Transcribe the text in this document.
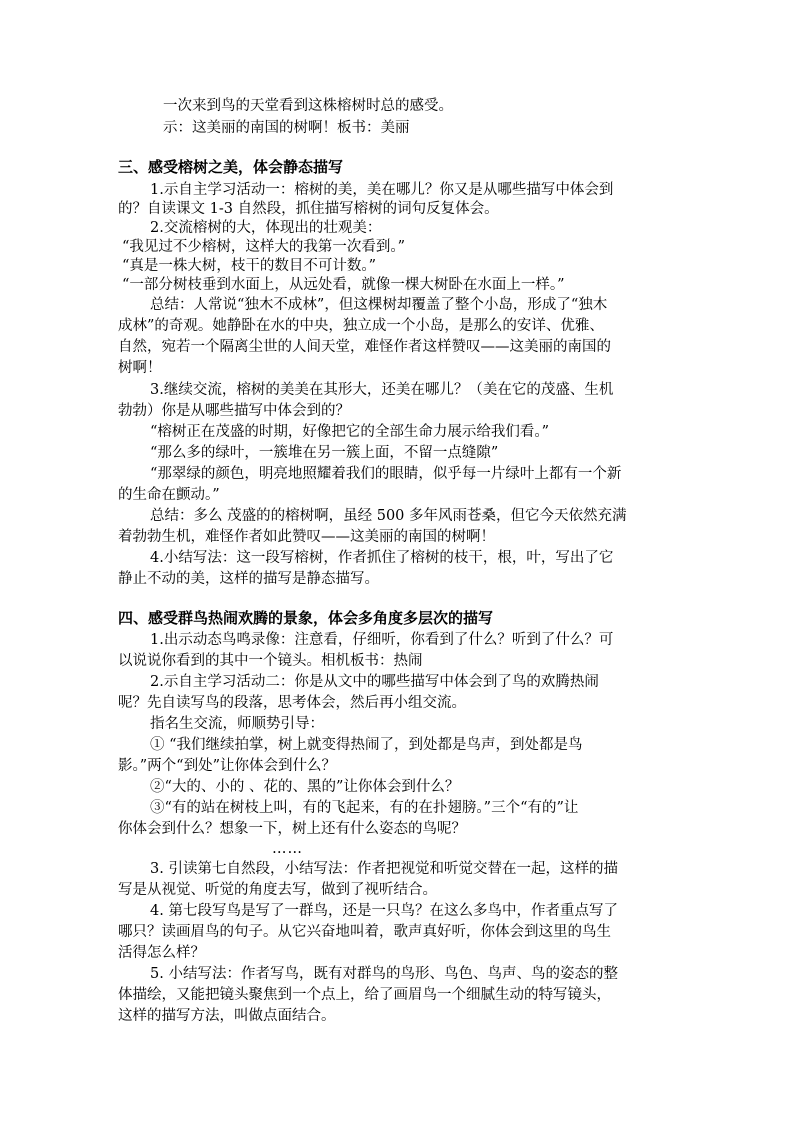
一次来到鸟的天堂看到这株榕树时总的感受。
示：这美丽的南国的树啊！板书：美丽
三、感受榕树之美，体会静态描写
1.示自主学习活动一：榕树的美，美在哪儿？你又是从哪些描写中体会到
的？自读课文 1-3 自然段，抓住描写榕树的词句反复体会。
2.交流榕树的大，体现出的壮观美：
“我见过不少榕树，这样大的我第一次看到。”
“真是一株大树，枝干的数目不可计数。”
“一部分树枝垂到水面上，从远处看，就像一棵大树卧在水面上一样。”
总结：人常说“独木不成林”，但这棵树却覆盖了整个小岛，形成了“独木
成林”的奇观。她静卧在水的中央，独立成一个小岛，是那么的安详、优雅、
自然，宛若一个隔离尘世的人间天堂，难怪作者这样赞叹——这美丽的南国的
树啊！
3.继续交流，榕树的美美在其形大，还美在哪儿？（美在它的茂盛、生机
勃勃）你是从哪些描写中体会到的？
“榕树正在茂盛的时期，好像把它的全部生命力展示给我们看。”
“那么多的绿叶，一簇堆在另一簇上面，不留一点缝隙”
“那翠绿的颜色，明亮地照耀着我们的眼睛，似乎每一片绿叶上都有一个新
的生命在颤动。”
总结：多么 茂盛的的榕树啊，虽经 500 多年风雨苍桑，但它今天依然充满
着勃勃生机，难怪作者如此赞叹——这美丽的南国的树啊！
4.小结写法：这一段写榕树，作者抓住了榕树的枝干，根，叶，写出了它
静止不动的美，这样的描写是静态描写。
四、感受群鸟热闹欢腾的景象，体会多角度多层次的描写
1.出示动态鸟鸣录像：注意看，仔细听，你看到了什么？听到了什么？可
以说说你看到的其中一个镜头。相机板书：热闹
2.示自主学习活动二：你是从文中的哪些描写中体会到了鸟的欢腾热闹
呢？先自读写鸟的段落，思考体会，然后再小组交流。
指名生交流，师顺势引导：
① “我们继续拍掌，树上就变得热闹了，到处都是鸟声，到处都是鸟
影。”两个“到处”让你体会到什么？
②“大的、小的 、花的、黑的”让你体会到什么？
③“有的站在树枝上叫，有的飞起来，有的在扑翅膀。”三个“有的”让
你体会到什么？想象一下，树上还有什么姿态的鸟呢？
……
3. 引读第七自然段，小结写法：作者把视觉和听觉交替在一起，这样的描
写是从视觉、听觉的角度去写，做到了视听结合。
4. 第七段写鸟是写了一群鸟，还是一只鸟？在这么多鸟中，作者重点写了
哪只？读画眉鸟的句子。从它兴奋地叫着，歌声真好听，你体会到这里的鸟生
活得怎么样？
5. 小结写法：作者写鸟，既有对群鸟的鸟形、鸟色、鸟声、鸟的姿态的整
体描绘，又能把镜头聚焦到一个点上，给了画眉鸟一个细腻生动的特写镜头，
这样的描写方法，叫做点面结合。
